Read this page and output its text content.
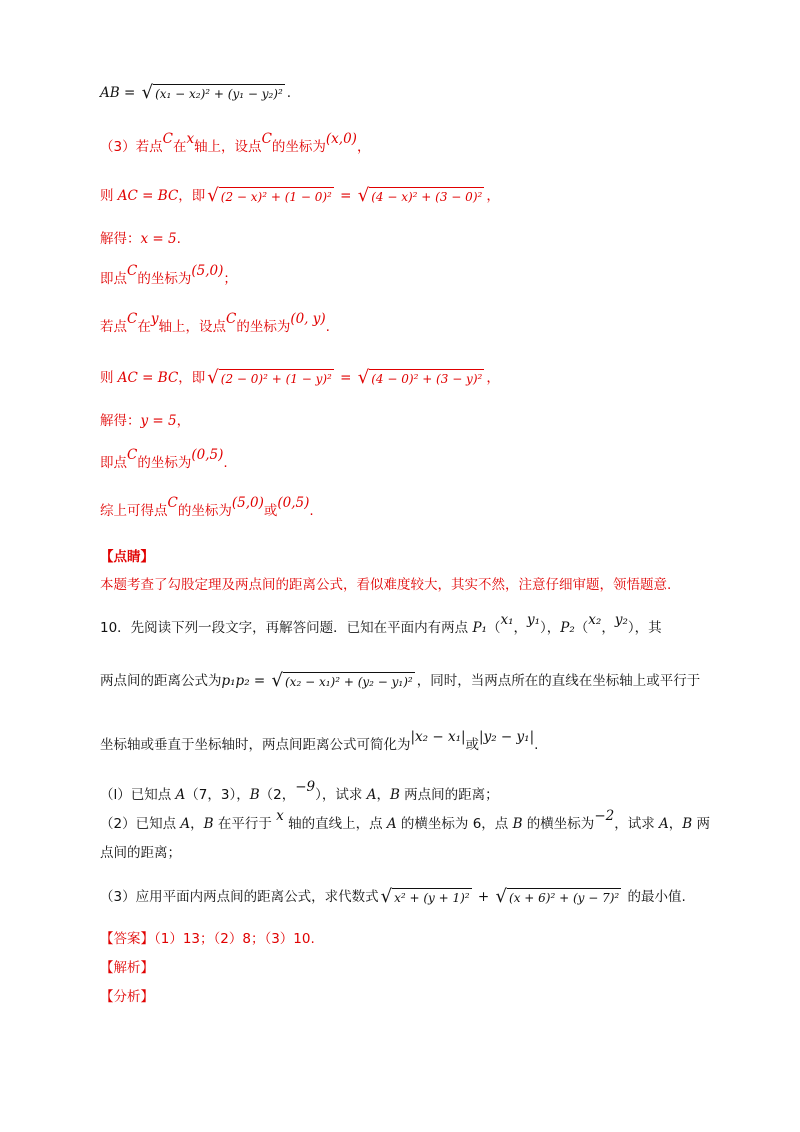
AB = √ (x₁ − x₂)² + (y₁ − y₂)² .
（3）若点C在x轴上，设点C的坐标为(x,0)，
则 AC = BC，即 √ (2 − x)² + (1 − 0)² = √ (4 − x)² + (3 − 0)² ，
解得：x = 5.
即点C的坐标为(5,0)；
若点C在y轴上，设点C的坐标为(0, y).
则 AC = BC，即 √ (2 − 0)² + (1 − y)² = √ (4 − 0)² + (3 − y)² ，
解得：y = 5，
即点C的坐标为(0,5).
综上可得点C的坐标为(5,0)或(0,5).
【点睛】
本题考查了勾股定理及两点间的距离公式，看似难度较大，其实不然，注意仔细审题，领悟题意.
10．先阅读下列一段文字，再解答问题．已知在平面内有两点 P₁（x₁，y₁），P₂（x₂，y₂），其
两点间的距离公式为p₁p₂ = √ (x₂ − x₁)² + (y₂ − y₁)² ，同时，当两点所在的直线在坐标轴上或平行于
坐标轴或垂直于坐标轴时，两点间距离公式可简化为|x₂ − x₁|或|y₂ − y₁|.
（l）已知点 A（7，3），B（2，−9），试求 A，B 两点间的距离；
（2）已知点 A，B 在平行于 x 轴的直线上，点 A 的横坐标为 6，点 B 的横坐标为−2，试求 A，B 两
点间的距离；
（3）应用平面内两点间的距离公式，求代数式 √ x² + (y + 1)² + √ (x + 6)² + (y − 7)² 的最小值.
【答案】（1）13；（2）8；（3）10.
【解析】
【分析】
